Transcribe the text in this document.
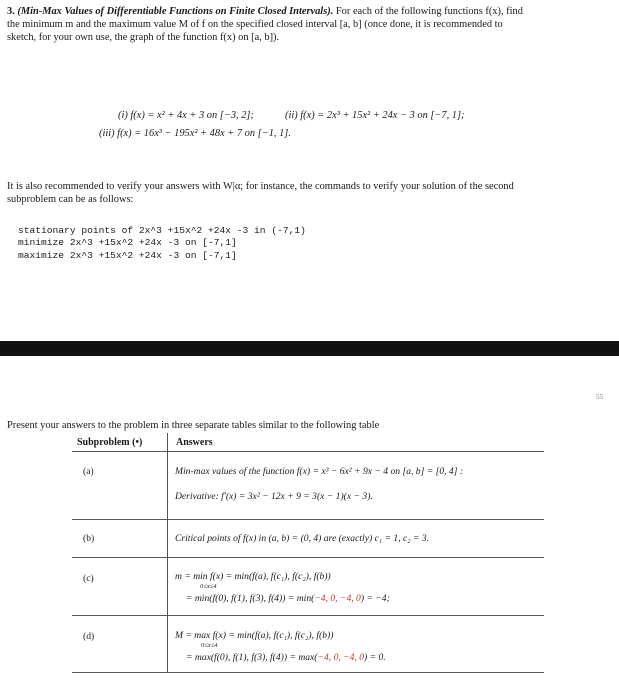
3. (Min-Max Values of Differentiable Functions on Finite Closed Intervals). For each of the following functions f(x), find
the minimum m and the maximum value M of f on the specified closed interval [a, b] (once done, it is recommended to
sketch, for your own use, the graph of the function f(x) on [a, b]).
(i) f(x) = x² + 4x + 3 on [−3, 2];	(ii) f(x) = 2x³ + 15x² + 24x − 3 on [−7, 1];
(iii) f(x) = 16x³ − 195x² + 48x + 7 on [−1, 1].
It is also recommended to verify your answers with W|α; for instance, the commands to verify your solution of the second
subproblem can be as follows:
stationary points of 2x^3 +15x^2 +24x -3 in (-7,1)
minimize 2x^3 +15x^2 +24x -3 on [-7,1]
maximize 2x^3 +15x^2 +24x -3 on [-7,1]
55
Present your answers to the problem in three separate tables similar to the following table
Subproblem (•)	Answers
(a)	Min-max values of the function f(x) = x³ − 6x² + 9x − 4 on [a, b] = [0, 4] :
Derivative: f′(x) = 3x² − 12x + 9 = 3(x − 1)(x − 3).
(b)	Critical points of f(x) in (a, b) = (0, 4) are (exactly) c₁ = 1, c₂ = 3.
(c)	m = min f(x) = min(f(a), f(c₁), f(c₂), f(b))
0≤x≤4
= min(f(0), f(1), f(3), f(4)) = min(−4, 0, −4, 0) = −4;
(d)	M = max f(x) = min(f(a), f(c₁), f(c₂), f(b))
0≤x≤4
= max(f(0), f(1), f(3), f(4)) = max(−4, 0, −4, 0) = 0.
